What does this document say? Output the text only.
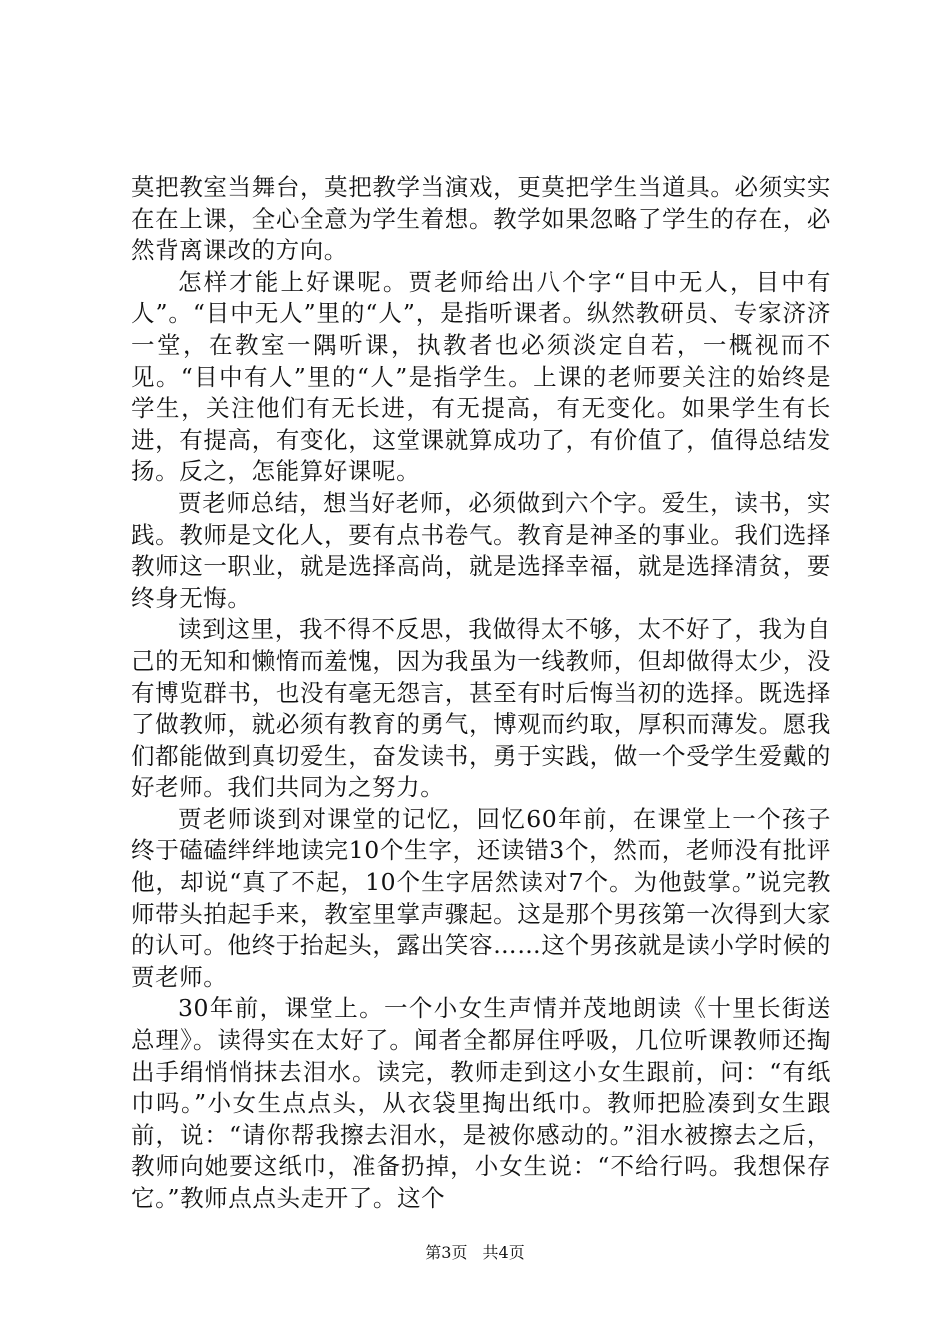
莫把教室当舞台，莫把教学当演戏，更莫把学生当道具。必须实实在在上课，全心全意为学生着想。教学如果忽略了学生的存在，必然背离课改的方向。

怎样才能上好课呢。贾老师给出八个字“目中无人，目中有人”。“目中无人”里的“人”，是指听课者。纵然教研员、专家济济一堂，在教室一隅听课，执教者也必须淡定自若，一概视而不见。“目中有人”里的“人”是指学生。上课的老师要关注的始终是学生，关注他们有无长进，有无提高，有无变化。如果学生有长进，有提高，有变化，这堂课就算成功了，有价值了，值得总结发扬。反之，怎能算好课呢。

贾老师总结，想当好老师，必须做到六个字。爱生，读书，实践。教师是文化人，要有点书卷气。教育是神圣的事业。我们选择教师这一职业，就是选择高尚，就是选择幸福，就是选择清贫，要终身无悔。

读到这里，我不得不反思，我做得太不够，太不好了，我为自己的无知和懒惰而羞愧，因为我虽为一线教师，但却做得太少，没有博览群书，也没有毫无怨言，甚至有时后悔当初的选择。既选择了做教师，就必须有教育的勇气，博观而约取，厚积而薄发。愿我们都能做到真切爱生，奋发读书，勇于实践，做一个受学生爱戴的好老师。我们共同为之努力。

贾老师谈到对课堂的记忆，回忆60年前，在课堂上一个孩子终于磕磕绊绊地读完10个生字，还读错3个，然而，老师没有批评他，却说“真了不起，10个生字居然读对7个。为他鼓掌。”说完教师带头拍起手来，教室里掌声骤起。这是那个男孩第一次得到大家的认可。他终于抬起头，露出笑容……这个男孩就是读小学时候的贾老师。

30年前，课堂上。一个小女生声情并茂地朗读《十里长街送总理》。读得实在太好了。闻者全都屏住呼吸，几位听课教师还掏出手绢悄悄抹去泪水。读完，教师走到这小女生跟前，问：“有纸巾吗。”小女生点点头，从衣袋里掏出纸巾。教师把脸凑到女生跟前，说：“请你帮我擦去泪水，是被你感动的。”泪水被擦去之后，教师向她要这纸巾，准备扔掉，小女生说：“不给行吗。我想保存它。”教师点点头走开了。这个

第3页 共4页
